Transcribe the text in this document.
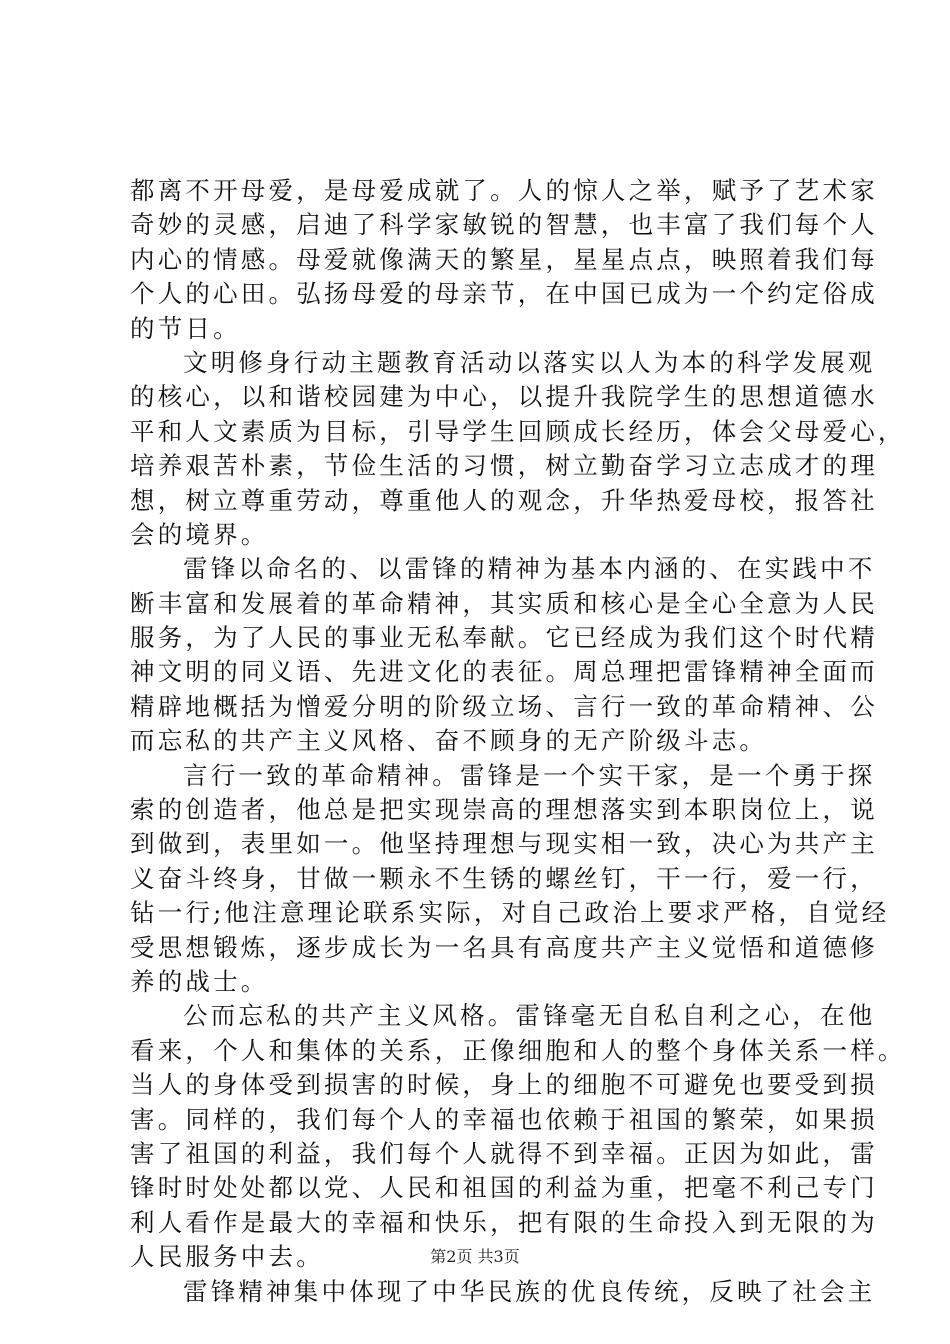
都离不开母爱，是母爱成就了。人的惊人之举，赋予了艺术家
奇妙的灵感，启迪了科学家敏锐的智慧，也丰富了我们每个人
内心的情感。母爱就像满天的繁星，星星点点，映照着我们每
个人的心田。弘扬母爱的母亲节，在中国已成为一个约定俗成
的节日。
文明修身行动主题教育活动以落实以人为本的科学发展观
的核心，以和谐校园建为中心，以提升我院学生的思想道德水
平和人文素质为目标，引导学生回顾成长经历，体会父母爱心，
培养艰苦朴素，节俭生活的习惯，树立勤奋学习立志成才的理
想，树立尊重劳动，尊重他人的观念，升华热爱母校，报答社
会的境界。
雷锋以命名的、以雷锋的精神为基本内涵的、在实践中不
断丰富和发展着的革命精神，其实质和核心是全心全意为人民
服务，为了人民的事业无私奉献。它已经成为我们这个时代精
神文明的同义语、先进文化的表征。周总理把雷锋精神全面而
精辟地概括为憎爱分明的阶级立场、言行一致的革命精神、公
而忘私的共产主义风格、奋不顾身的无产阶级斗志。
言行一致的革命精神。雷锋是一个实干家，是一个勇于探
索的创造者，他总是把实现崇高的理想落实到本职岗位上，说
到做到，表里如一。他坚持理想与现实相一致，决心为共产主
义奋斗终身，甘做一颗永不生锈的螺丝钉，干一行，爱一行，
钻一行;他注意理论联系实际，对自己政治上要求严格，自觉经
受思想锻炼，逐步成长为一名具有高度共产主义觉悟和道德修
养的战士。
公而忘私的共产主义风格。雷锋毫无自私自利之心，在他
看来，个人和集体的关系，正像细胞和人的整个身体关系一样。
当人的身体受到损害的时候，身上的细胞不可避免也要受到损
害。同样的，我们每个人的幸福也依赖于祖国的繁荣，如果损
害了祖国的利益，我们每个人就得不到幸福。正因为如此，雷
锋时时处处都以党、人民和祖国的利益为重，把毫不利己专门
利人看作是最大的幸福和快乐，把有限的生命投入到无限的为
人民服务中去。
雷锋精神集中体现了中华民族的优良传统，反映了社会主
第2页 共3页
